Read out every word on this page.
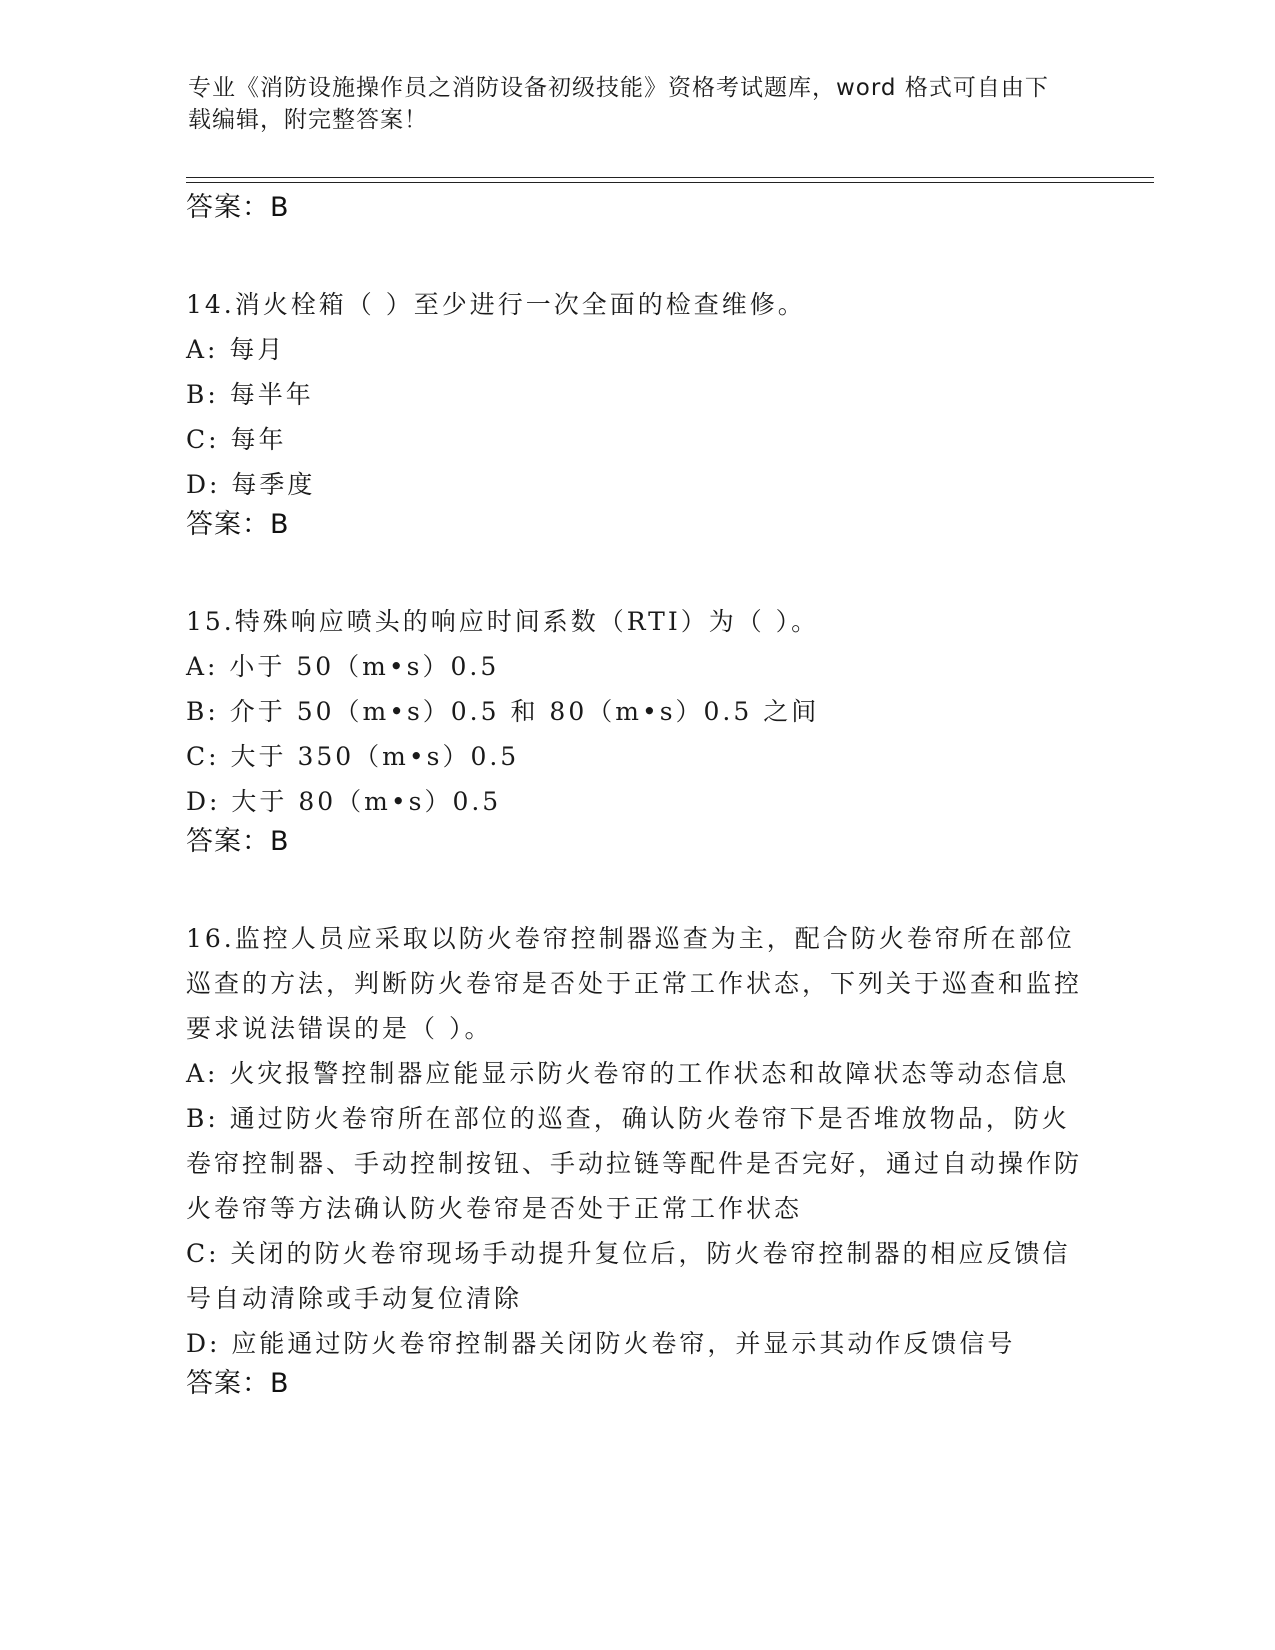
专业《消防设施操作员之消防设备初级技能》资格考试题库，word 格式可自由下载编辑，附完整答案！
答案：B
14.消火栓箱（ ）至少进行一次全面的检查维修。
A: 每月
B: 每半年
C: 每年
D: 每季度
答案：B
15.特殊响应喷头的响应时间系数（RTI）为（ ）。
A: 小于 50（m•s）0.5
B: 介于 50（m•s）0.5 和 80（m•s）0.5 之间
C: 大于 350（m•s）0.5
D: 大于 80（m•s）0.5
答案：B
16.监控人员应采取以防火卷帘控制器巡查为主，配合防火卷帘所在部位巡查的方法，判断防火卷帘是否处于正常工作状态，下列关于巡查和监控要求说法错误的是（ ）。
A: 火灾报警控制器应能显示防火卷帘的工作状态和故障状态等动态信息
B: 通过防火卷帘所在部位的巡查，确认防火卷帘下是否堆放物品，防火卷帘控制器、手动控制按钮、手动拉链等配件是否完好，通过自动操作防火卷帘等方法确认防火卷帘是否处于正常工作状态
C: 关闭的防火卷帘现场手动提升复位后，防火卷帘控制器的相应反馈信号自动清除或手动复位清除
D: 应能通过防火卷帘控制器关闭防火卷帘，并显示其动作反馈信号
答案：B
